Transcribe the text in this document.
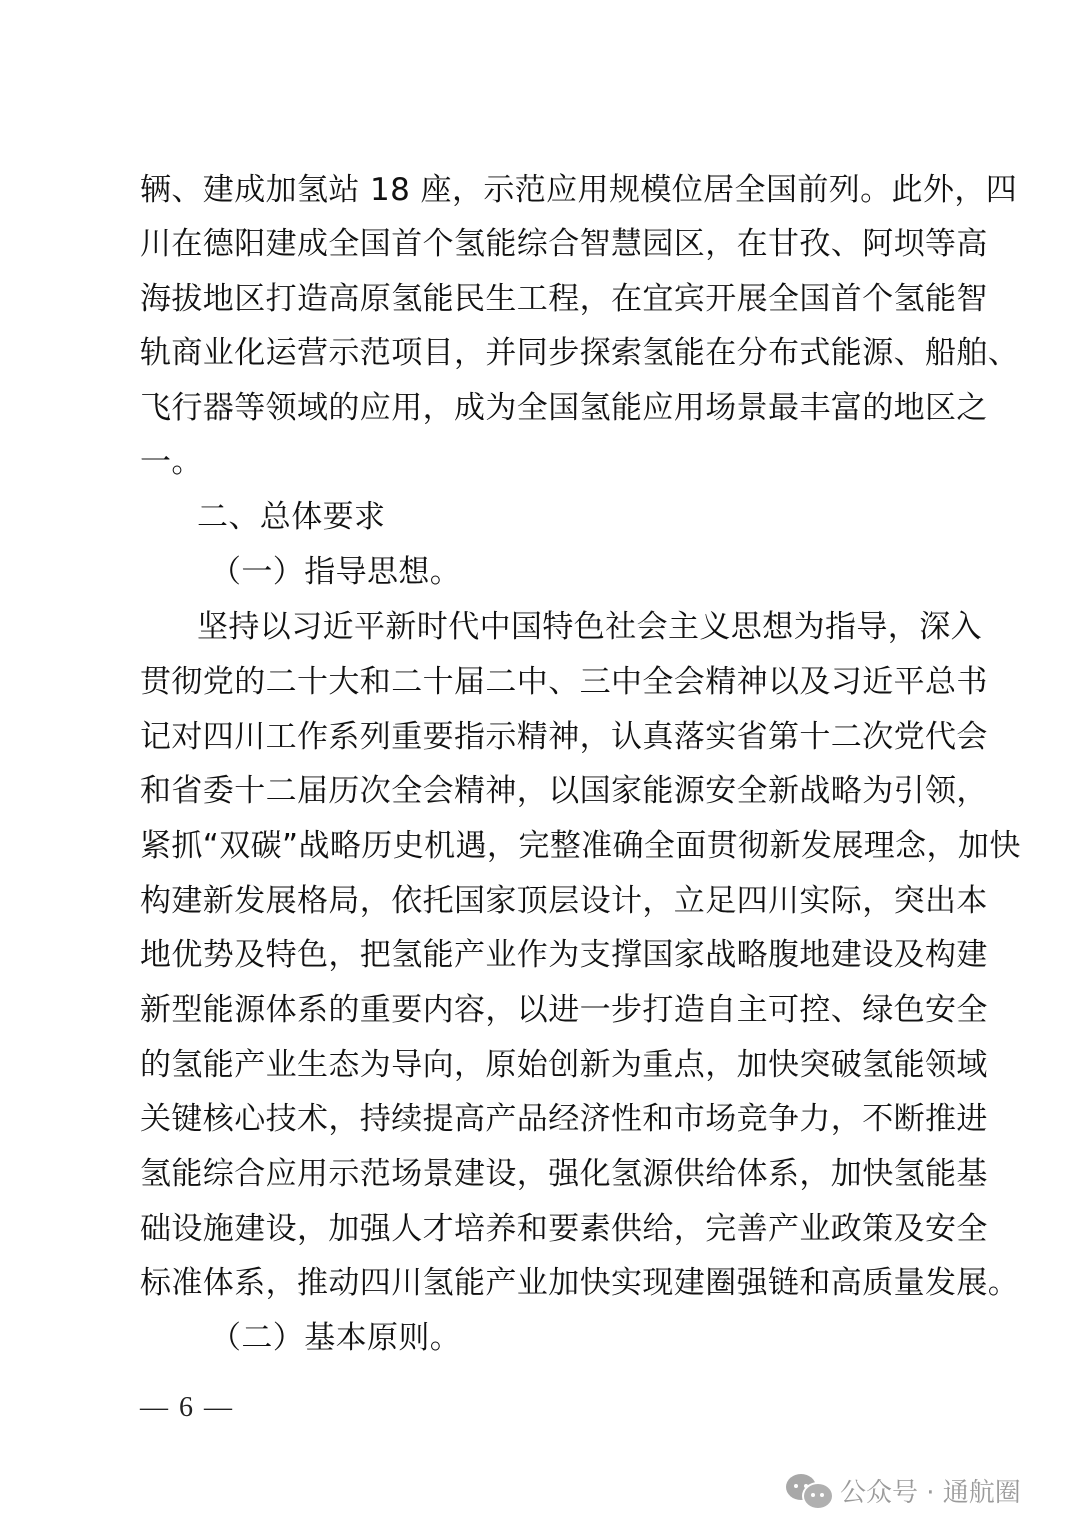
辆、建成加氢站 18 座，示范应用规模位居全国前列。此外，四
川在德阳建成全国首个氢能综合智慧园区，在甘孜、阿坝等高
海拔地区打造高原氢能民生工程，在宜宾开展全国首个氢能智
轨商业化运营示范项目，并同步探索氢能在分布式能源、船舶、
飞行器等领域的应用，成为全国氢能应用场景最丰富的地区之
一。
二、总体要求
（一）指导思想。
坚持以习近平新时代中国特色社会主义思想为指导，深入
贯彻党的二十大和二十届二中、三中全会精神以及习近平总书
记对四川工作系列重要指示精神，认真落实省第十二次党代会
和省委十二届历次全会精神，以国家能源安全新战略为引领，
紧抓“双碳”战略历史机遇，完整准确全面贯彻新发展理念，加快
构建新发展格局，依托国家顶层设计，立足四川实际，突出本
地优势及特色，把氢能产业作为支撑国家战略腹地建设及构建
新型能源体系的重要内容，以进一步打造自主可控、绿色安全
的氢能产业生态为导向，原始创新为重点，加快突破氢能领域
关键核心技术，持续提高产品经济性和市场竞争力，不断推进
氢能综合应用示范场景建设，强化氢源供给体系，加快氢能基
础设施建设，加强人才培养和要素供给，完善产业政策及安全
标准体系，推动四川氢能产业加快实现建圈强链和高质量发展。
（二）基本原则。
— 6 —
公众号 · 通航圈
